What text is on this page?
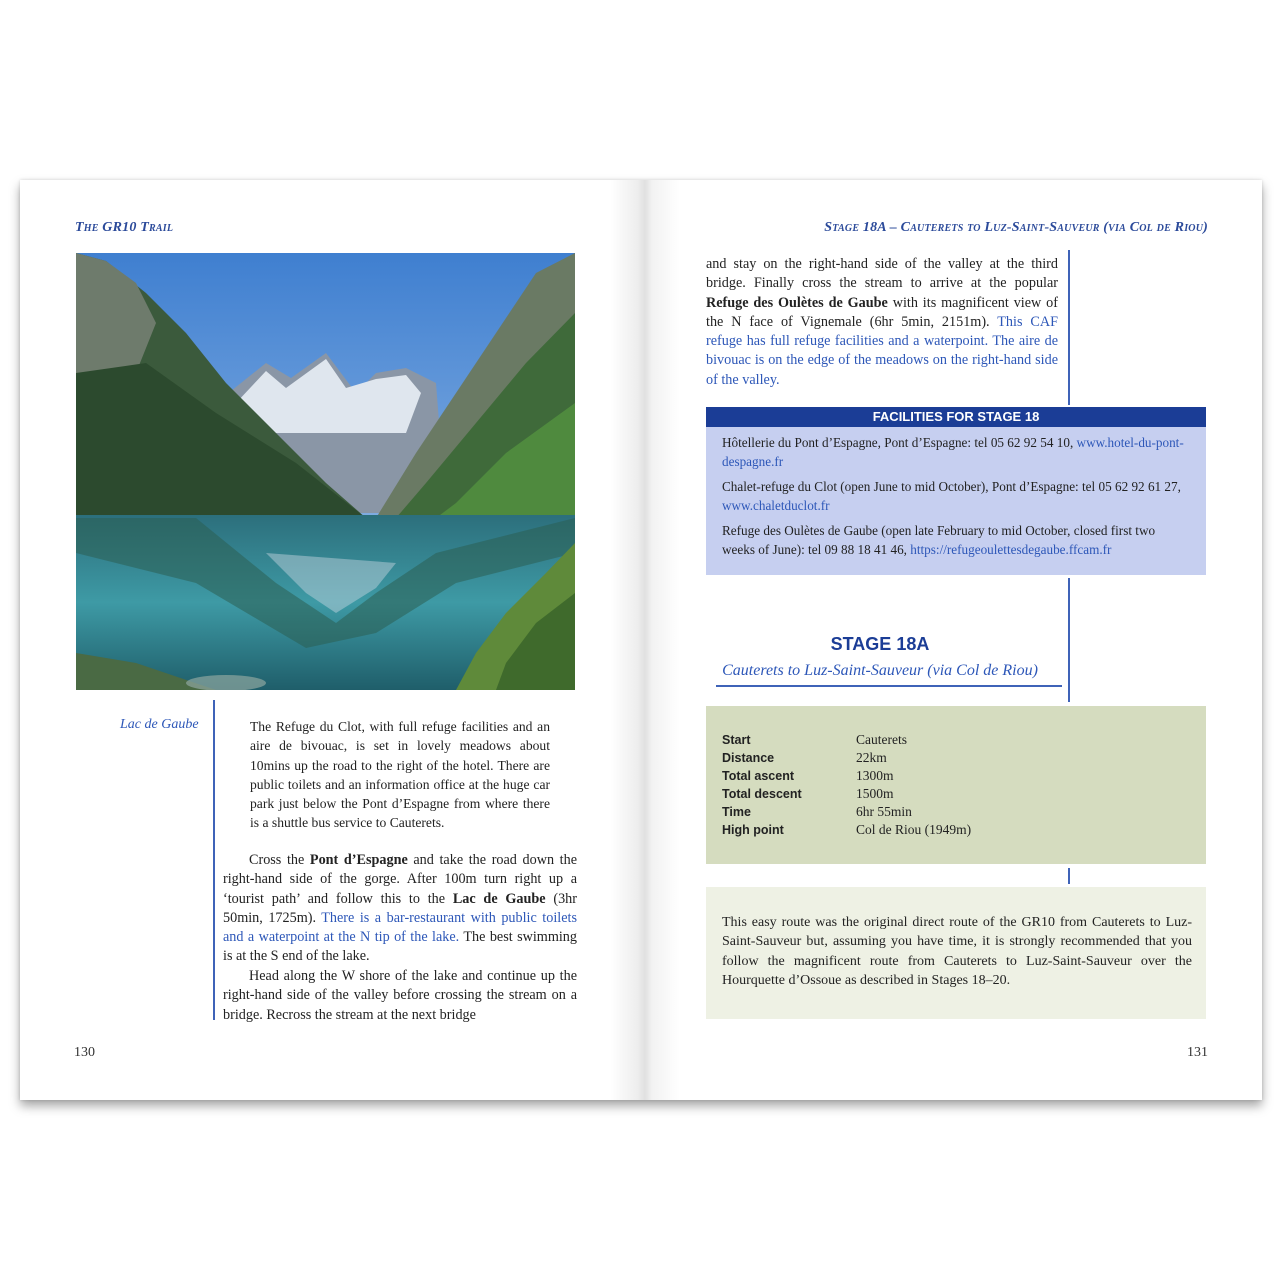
The GR10 Trail
Lac de Gaube	The Refuge du Clot, with full refuge facilities and an aire de bivouac, is set in lovely meadows about 10mins up the road to the right of the hotel. There are public toilets and an information office at the huge car park just below the Pont d’Espagne from where there is a shuttle bus service to Cauterets.
Cross the Pont d’Espagne and take the road down the right-hand side of the gorge. After 100m turn right up a ‘tourist path’ and follow this to the Lac de Gaube (3hr 50min, 1725m). There is a bar-restaurant with public toilets and a waterpoint at the N tip of the lake. The best swimming is at the S end of the lake.
Head along the W shore of the lake and continue up the right-hand side of the valley before crossing the stream on a bridge. Recross the stream at the next bridge
130
Stage 18A – Cauterets to Luz-Saint-Sauveur (via Col de Riou)
and stay on the right-hand side of the valley at the third bridge. Finally cross the stream to arrive at the popular Refuge des Oulètes de Gaube with its magnificent view of the N face of Vignemale (6hr 5min, 2151m). This CAF refuge has full refuge facilities and a waterpoint. The aire de bivouac is on the edge of the meadows on the right-hand side of the valley.
FACILITIES FOR STAGE 18

Hôtellerie du Pont d’Espagne, Pont d’Espagne: tel 05 62 92 54 10, www.hotel-du-pont-despagne.fr

Chalet-refuge du Clot (open June to mid October), Pont d’Espagne: tel 05 62 92 61 27, www.chaletduclot.fr

Refuge des Oulètes de Gaube (open late February to mid October, closed first two weeks of June): tel 09 88 18 41 46, https://refugeoulettesdegaube.ffcam.fr

STAGE 18A
Cauterets to Luz-Saint-Sauveur (via Col de Riou)
Start	Cauterets
Distance	22km
Total ascent	1300m
Total descent	1500m
Time	6hr 55min
High point	Col de Riou (1949m)

This easy route was the original direct route of the GR10 from Cauterets to Luz-Saint-Sauveur but, assuming you have time, it is strongly recommended that you follow the magnificent route from Cauterets to Luz-Saint-Sauveur over the Hourquette d’Ossoue as described in Stages 18–20.

131
